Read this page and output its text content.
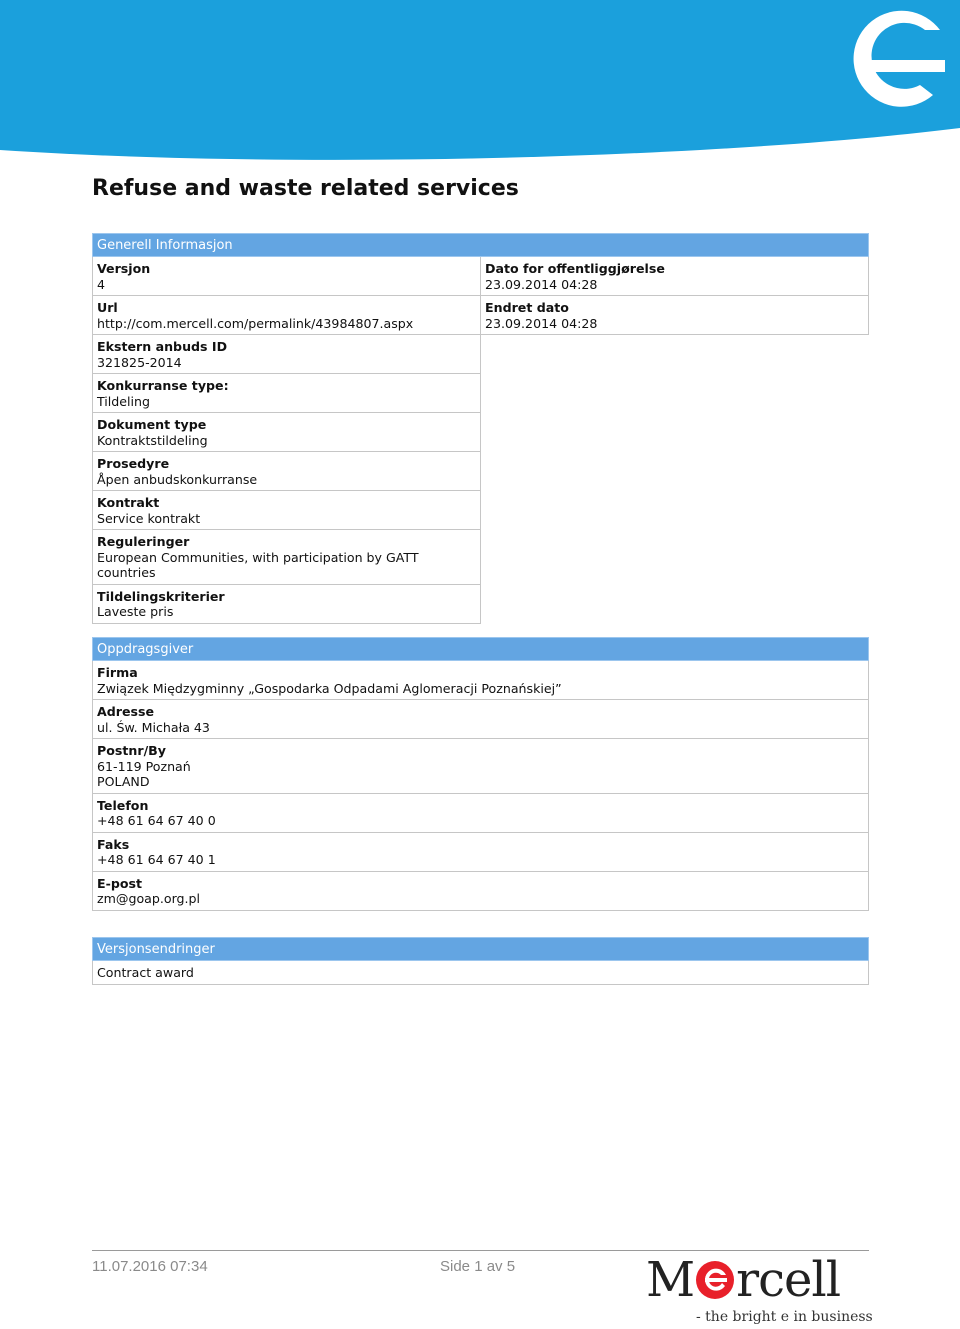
Refuse and waste related services
Generell Informasjon
Versjon
4
Url
http://com.mercell.com/permalink/43984807.aspx
Ekstern anbuds ID
321825-2014
Konkurranse type:
Tildeling
Dokument type
Kontraktstildeling
Prosedyre
Åpen anbudskonkurranse
Kontrakt
Service kontrakt
Reguleringer
European Communities, with participation by GATT countries
Tildelingskriterier
Laveste pris
Dato for offentliggjørelse
23.09.2014 04:28
Endret dato
23.09.2014 04:28
Oppdragsgiver
Firma
Związek Międzygminny „Gospodarka Odpadami Aglomeracji Poznańskiej”
Adresse
ul. Św. Michała 43
Postnr/By
61-119 Poznań
POLAND
Telefon
+48 61 64 67 40 0
Faks
+48 61 64 67 40 1
E-post
zm@goap.org.pl
Versjonsendringer
Contract award
11.07.2016 07:34	Side 1 av 5	M rcell
- the bright e in business
